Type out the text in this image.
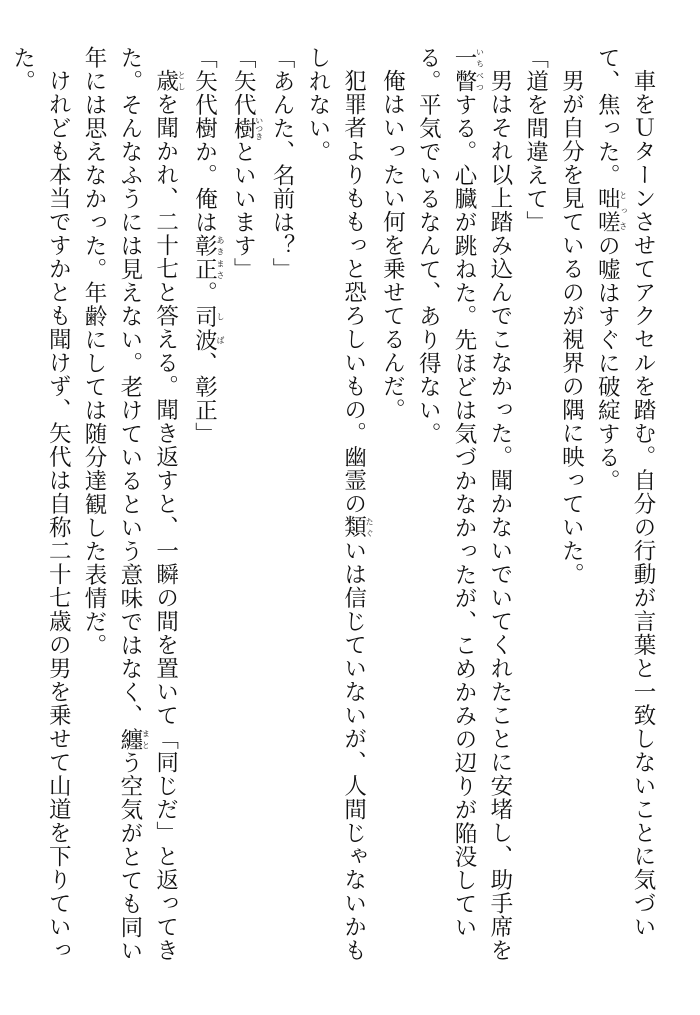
車をＵターンさせてアクセルを踏む。自分の行動が言葉と一致しないことに気づいて、焦った。咄嗟とっさの嘘はすぐに破綻する。

男が自分を見ているのが視界の隅に映っていた。

「道を間違えて」

男はそれ以上踏み込んでこなかった。聞かないでいてくれたことに安堵し、助手席を一瞥いちべつする。心臓が跳ねた。先ほどは気づかなかったが、こめかみの辺りが陥没している。平気でいるなんて、あり得ない。

俺はいったい何を乗せてるんだ。

犯罪者よりももっと恐ろしいもの。幽霊の類たぐいは信じていないが、人間じゃないかもしれない。

「あんた、名前は？」

「矢代樹いつきといいます」

「矢代樹か。俺は彰正あきまさ。司波しば、彰正」

歳としを聞かれ、二十七と答える。聞き返すと、一瞬の間を置いて「同じだ」と返ってきた。そんなふうには見えない。老けているという意味ではなく、纏まとう空気がとても同い年には思えなかった。年齢にしては随分達観した表情だ。

けれども本当ですかとも聞けず、矢代は自称二十七歳の男を乗せて山道を下りていった。
